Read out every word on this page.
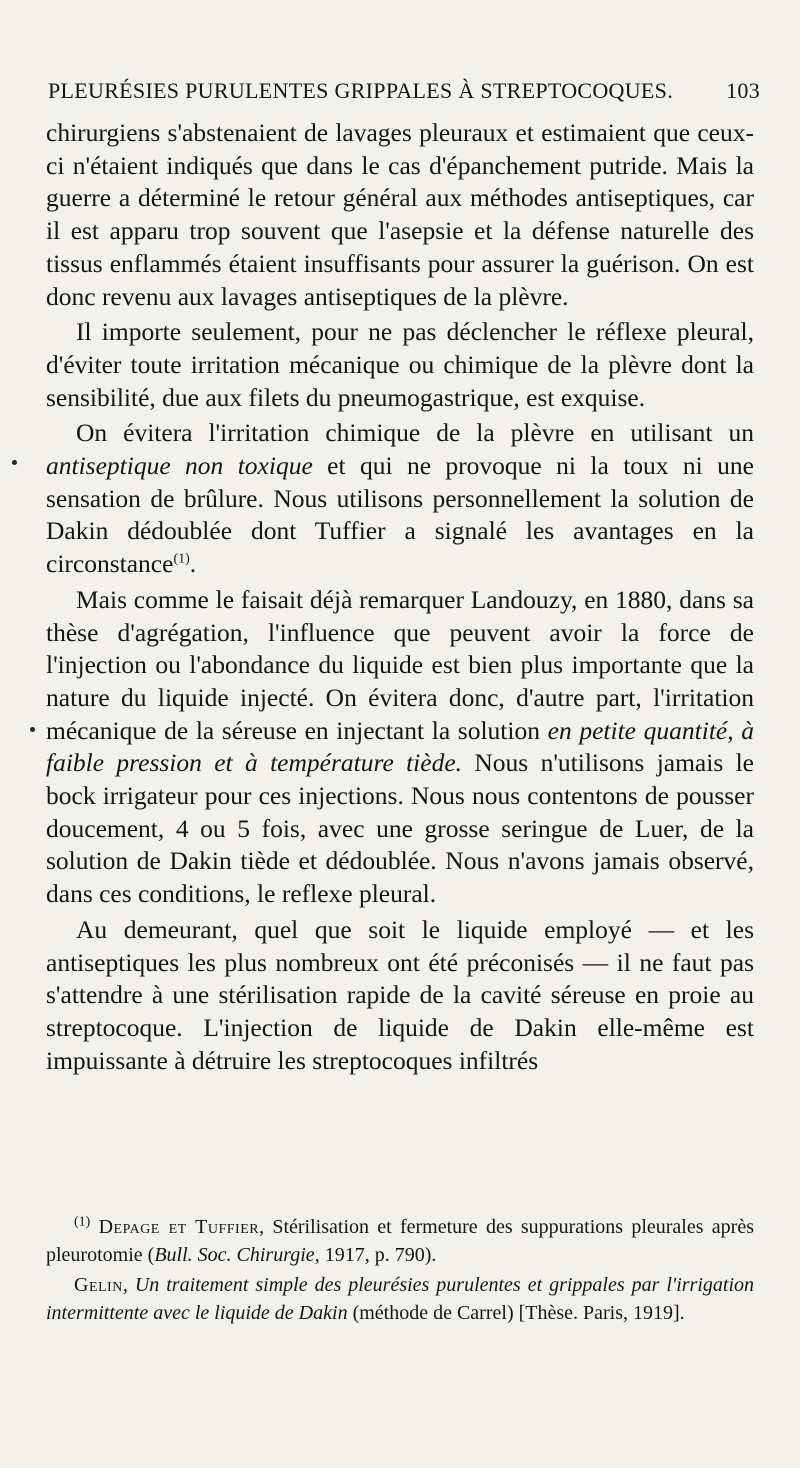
PLEURÉSIES PURULENTES GRIPPALES À STREPTOCOQUES. 103

chirurgiens s'abstenaient de lavages pleuraux et estimaient que ceux-ci n'étaient indiqués que dans le cas d'épanchement putride. Mais la guerre a déterminé le retour général aux méthodes antiseptiques, car il est apparu trop souvent que l'asepsie et la défense naturelle des tissus enflammés étaient insuffisants pour assurer la guérison. On est donc revenu aux lavages antiseptiques de la plèvre.

Il importe seulement, pour ne pas déclencher le réflexe pleural, d'éviter toute irritation mécanique ou chimique de la plèvre dont la sensibilité, due aux filets du pneumogastrique, est exquise.

On évitera l'irritation chimique de la plèvre en utilisant un antiseptique non toxique et qui ne provoque ni la toux ni une sensation de brûlure. Nous utilisons personnellement la solution de Dakin dédoublée dont Tuffier a signalé les avantages en la circonstance$^{(1)}$.

Mais comme le faisait déjà remarquer Landouzy, en 1880, dans sa thèse d'agrégation, l'influence que peuvent avoir la force de l'injection ou l'abondance du liquide est bien plus importante que la nature du liquide injecté. On évitera donc, d'autre part, l'irritation mécanique de la séreuse en injectant la solution en petite quantité, à faible pression et à température tiède. Nous n'utilisons jamais le bock irrigateur pour ces injections. Nous nous contentons de pousser doucement, 4 ou 5 fois, avec une grosse seringue de Luer, de la solution de Dakin tiède et dédoublée. Nous n'avons jamais observé, dans ces conditions, le reflexe pleural.

Au demeurant, quel que soit le liquide employé — et les antiseptiques les plus nombreux ont été préconisés — il ne faut pas s'attendre à une stérilisation rapide de la cavité séreuse en proie au streptocoque. L'injection de liquide de Dakin elle-même est impuissante à détruire les streptocoques infiltrés

$^{(1)}$ Depage et Tuffier, Stérilisation et fermeture des suppurations pleurales après pleurotomie (Bull. Soc. Chirurgie, 1917, p. 790).

Gelin, Un traitement simple des pleurésies purulentes et grippales par l'irrigation intermittente avec le liquide de Dakin (méthode de Carrel) [Thèse. Paris, 1919].
